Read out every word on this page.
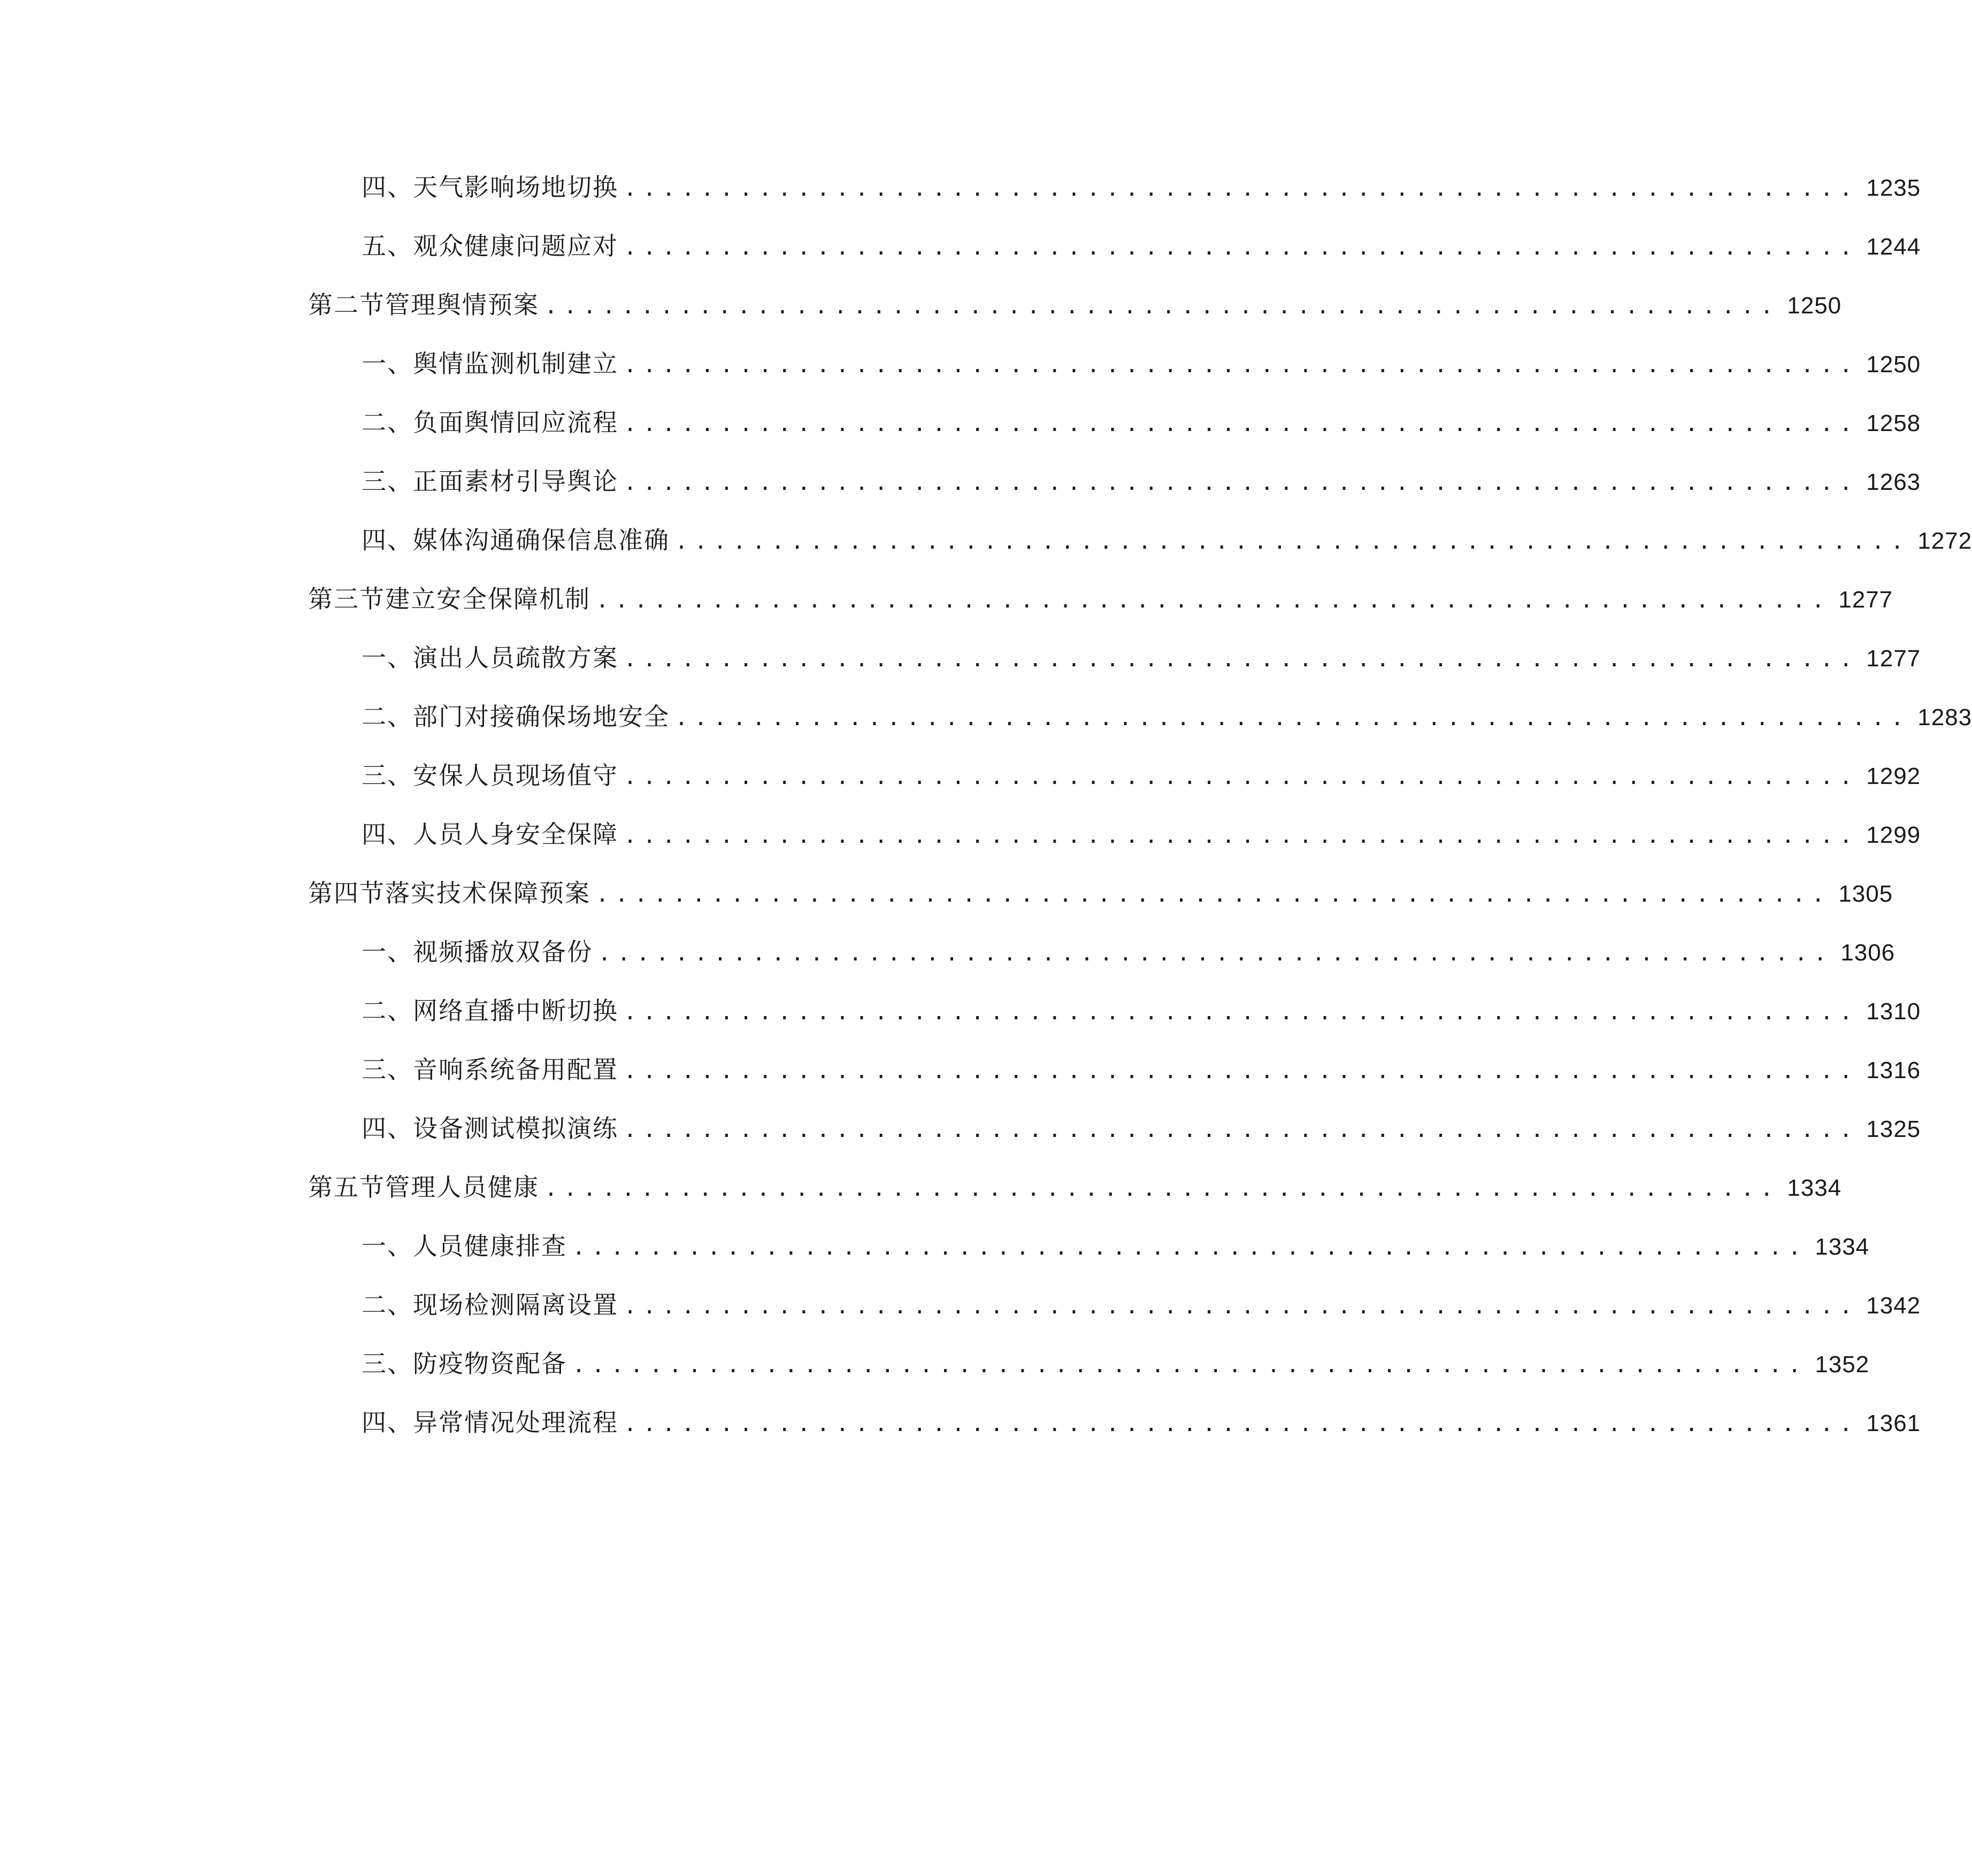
四、 天气影响场地切换 ................................................................ 1235
五、 观众健康问题应对 ................................................................ 1244
第二节 管理舆情预案 ................................................................ 1250
一、 舆情监测机制建立 ................................................................ 1250
二、 负面舆情回应流程 ................................................................ 1258
三、 正面素材引导舆论 ................................................................ 1263
四、 媒体沟通确保信息准确 ................................................................ 1272
第三节 建立安全保障机制 ................................................................ 1277
一、 演出人员疏散方案 ................................................................ 1277
二、 部门对接确保场地安全 ................................................................ 1283
三、 安保人员现场值守 ................................................................ 1292
四、 人员人身安全保障 ................................................................ 1299
第四节 落实技术保障预案 ................................................................ 1305
一、 视频播放双备份 ................................................................ 1306
二、 网络直播中断切换 ................................................................ 1310
三、 音响系统备用配置 ................................................................ 1316
四、 设备测试模拟演练 ................................................................ 1325
第五节 管理人员健康 ................................................................ 1334
一、 人员健康排查 ................................................................ 1334
二、 现场检测隔离设置 ................................................................ 1342
三、 防疫物资配备 ................................................................ 1352
四、 异常情况处理流程 ................................................................ 1361
